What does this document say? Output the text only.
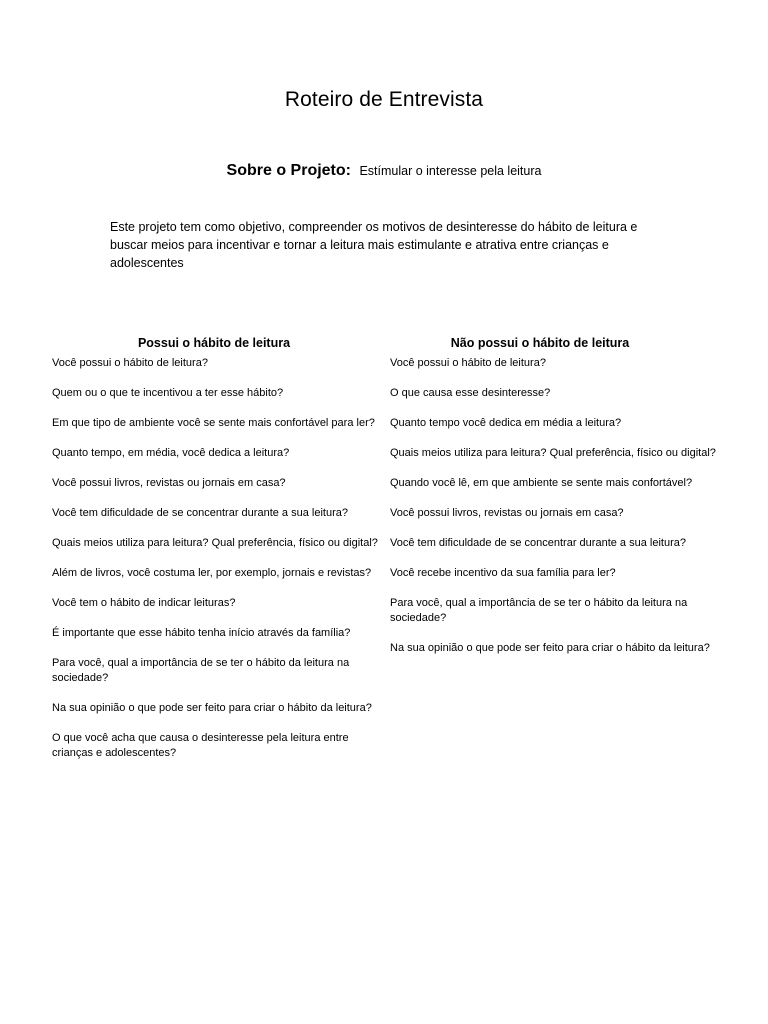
Roteiro de Entrevista
Sobre o Projeto: Estímular o interesse pela leitura
Este projeto tem como objetivo, compreender os motivos de desinteresse do hábito de leitura e buscar meios para incentivar e tornar a leitura mais estimulante e atrativa entre crianças e adolescentes
Possui o hábito de leitura
Você possui o hábito de leitura?
Quem ou o que te incentivou a ter esse hábito?
Em que tipo de ambiente você se sente mais confortável para ler?
Quanto tempo, em média, você dedica a leitura?
Você possui livros, revistas ou jornais em casa?
Você tem dificuldade de se concentrar durante a sua leitura?
Quais meios utiliza para leitura? Qual preferência, físico ou digital?
Além de livros, você costuma ler, por exemplo, jornais e revistas?
Você tem o hábito de indicar leituras?
É importante que esse hábito tenha início através da família?
Para você, qual a importância de se ter o hábito da leitura na sociedade?
Na sua opinião o que pode ser feito para criar o hábito da leitura?
O que você acha que causa o desinteresse pela leitura entre crianças e adolescentes?
Não possui o hábito de leitura
Você possui o hábito de leitura?
O que causa esse desinteresse?
Quanto tempo você dedica em média a leitura?
Quais meios utiliza para leitura? Qual preferência, físico ou digital?
Quando você lê, em que ambiente se sente mais confortável?
Você possui livros, revistas ou jornais em casa?
Você tem dificuldade de se concentrar durante a sua leitura?
Você recebe incentivo da sua família para ler?
Para você, qual a importância de se ter o hábito da leitura na sociedade?
Na sua opinião o que pode ser feito para criar o hábito da leitura?
